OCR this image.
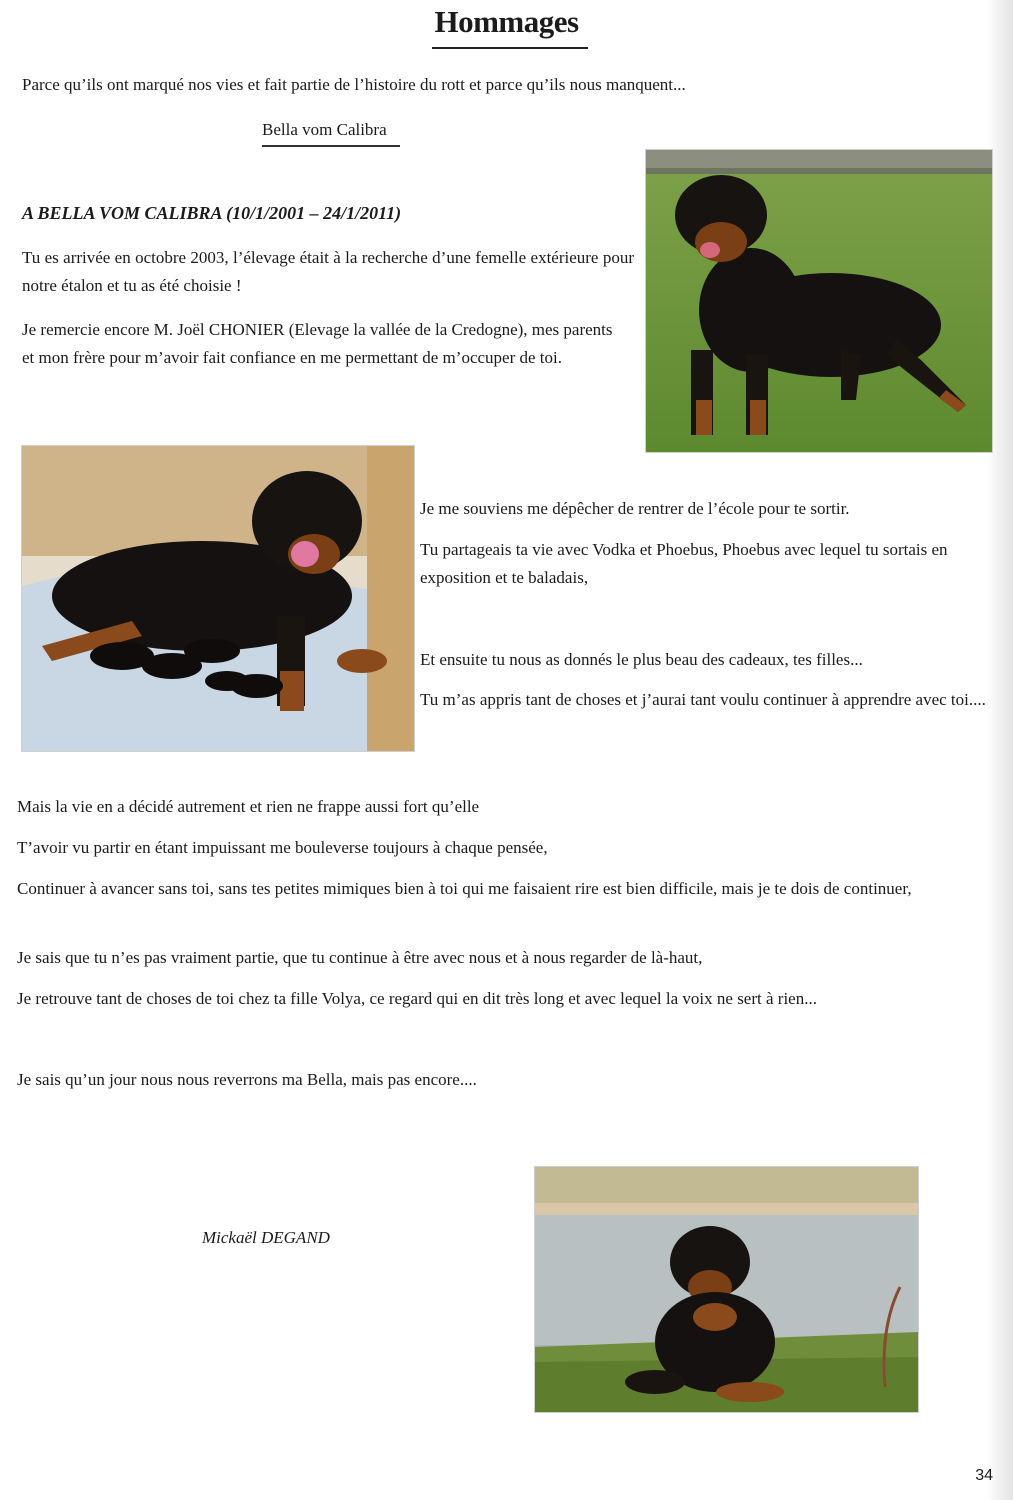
Hommages
Parce qu’ils ont marqué nos vies et fait partie de l’histoire du rott et parce qu’ils nous manquent...
Bella vom Calibra
A BELLA VOM CALIBRA (10/1/2001 – 24/1/2011)

Tu es arrivée en octobre 2003, l’élevage était à la recherche d’une femelle extérieure pour notre étalon et tu as été choisie !

Je remercie encore M. Joël CHONIER (Elevage la vallée de la Credogne), mes parents et mon frère pour m’avoir fait confiance en me permettant de m’occuper de toi.

Je me souviens me dépêcher de rentrer de l’école pour te sortir.

Tu partageais ta vie avec Vodka et Phoebus, Phoebus avec lequel tu sortais en exposition et te baladais,

Et ensuite tu nous as donnés le plus beau des cadeaux, tes filles...

Tu m’as appris tant de choses et j’aurai tant voulu continuer à apprendre avec toi....

Mais la vie en a décidé autrement et rien ne frappe aussi fort qu’elle

T’avoir vu partir en étant impuissant me bouleverse toujours à chaque pensée,

Continuer à avancer sans toi, sans tes petites mimiques bien à toi qui me faisaient rire est bien difficile, mais je te dois de continuer,

Je sais que tu n’es pas vraiment partie, que tu continue à être avec nous et à nous regarder de là-haut,

Je retrouve tant de choses de toi chez ta fille Volya, ce regard qui en dit très long et avec lequel la voix ne sert à rien...

Je sais qu’un jour nous nous reverrons ma Bella, mais pas encore....

Mickaël DEGAND
34
